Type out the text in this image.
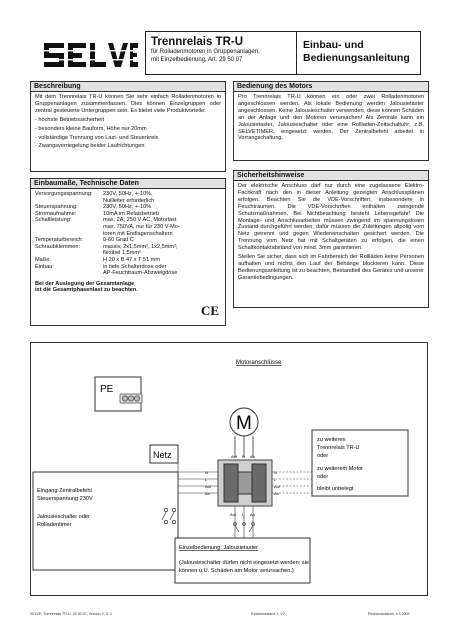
Trennrelais TR-U
für Rolladenmotoren in Gruppenanlagen,
mit Einzelbedienung, Art. 29 50 07
Einbau- und
Bedienungsanleitung
Beschreibung

Mit dem Trennrelais TR-U können Sie sehr einfach Rolladenmotoren in Gruppenanlagen zusammenfassen. Dies können Einzelgruppen oder zentral gesteuerte Untergruppen sein. Es bietet viele Produktvorteile:

- höchste Betriebssicherheit

- besonders kleine Bauform, Höhe nur 20mm

- vollständige Trennung von Last- und Steuerkreis

- Zwangsverriegelung beider Laufrichtungen

Einbaumaße, Technische Daten
Versorgungsspannung:	230V, 50Hz, +-10%,
Nullleiter erforderlich
Steuerspannung:	230V, 50Hz, +-10%
Stromaufnahme:	10mA im Relaisbetrieb
Schaltleistung:	max. 2A, 250 V AC, Motorlast
max. 750VA, nur für 230 V-Mo-
toren mit Endlagenschaltern
Temperaturbereich:	0-60 Grad C
Schraubklemmen:	massiv, 2x1,5mm², 1x2,5mm²;
flexibel 1,5mm²
Maße:	H 20 x B 47 x T 51 mm
Einbau:	in tiefe Schalterdose oder
AP-Feuchtraum-Abzweigdose
Bei der Auslegung der Gesamtanlage
ist die Gesamtphasenlast zu beachten.
CE
Bedienung des Motors
Pro Trennrelais TR-U können ein oder zwei Rolladenmotoren angeschlossen werden. Als lokale Bedienung werden Jalousietaster angeschlossen. Keine Jalousieschalter verwenden, diese können Schäden an der Anlage und den Motoren verursachen! Als Zentrale kann ein Jalousietaster, Jalousieschalter oder eine Rollladen-Zeitschaltuhr, z.B. SELVETIMER, eingesetzt werden. Der Zentralbefehl arbeitet in Vorrangschaltung.
Sicherheitshinweise

Der elektrische Anschluss darf nur durch eine zugelassene Elektro-Fachkraft nach den in dieser Anleitung gezeigten Anschlussplänen erfolgen. Beachten Sie die VDE-Vorschriften, insbesondere in Feuchträumen. Die VDE-Vorschriften enthalten zwingende Schutzmaßnahmen. Bei Nichtbeachtung besteht Lebensgefahr! Die Montage- und Anschlusarbeiten müssen zwingend im spannungslosen Zustand durchgeführt werden; dafür müssen die Zuleitungen allpolig vom Netz getrennt und gegen Wiedereinschalten gesichert werden. Die Trennung vom Netz hat mit Schaltgeräten zu erfolgen, die einen Schaltkontaktabstand von mind. 3mm garantieren.

Stellen Sie sicher, dass sich im Fahrbereich der Rollläden keine Personen aufhalten und nichts den Lauf der Behänge blockieren kann. Diese Bedienungsanleitung ist zu beachten, Bestandteil des Gerätes und unserer Garantiebedingungen.

Motoranschlüsse
PE
M
Auf N Ab
Netz
N
L
Auf
Ab
N
L
Auf
Ab
zu weiteren
Trennrelais TR-U
oder
zu weiterem Motor
oder
bleibt unbelegt
Eingang Zentralbefehl
Steuerspannung 230V
Jalousieschalter oder
Rolladentimer
Auf L Ab
Einzelbedienung: Jalousietaster
(Jalousieschalter dürfen nicht eingesetzt werden; sie
können u.U. Schäden am Motor verursachen.)
SELVE, Trennrelais TR-U, 29 50 07, Version 2, S. 1	Revisionsstand 1, V2	Revisionsdatum: 4.3.2005
